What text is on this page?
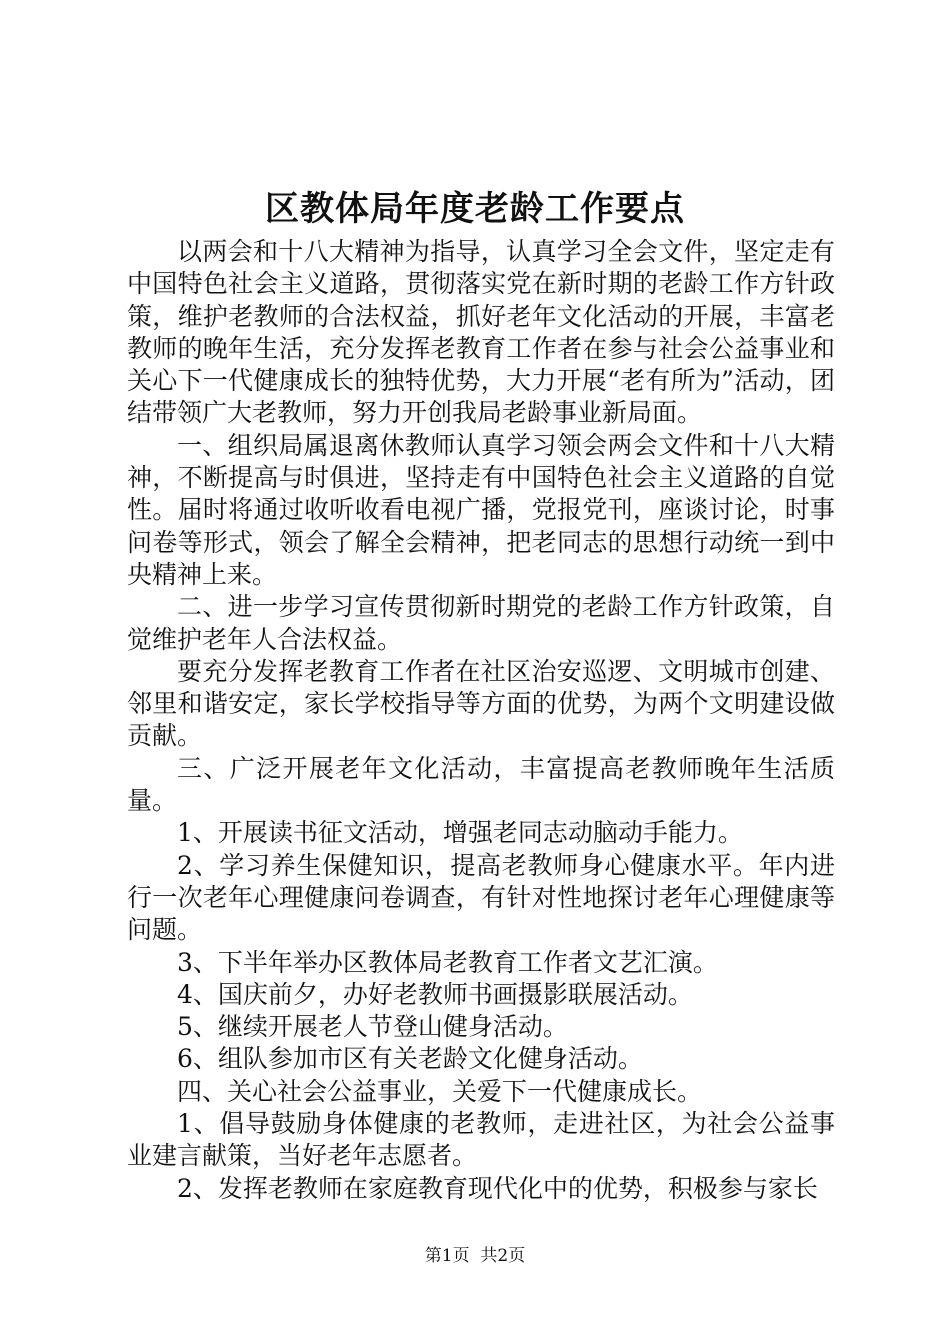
区教体局年度老龄工作要点

以两会和十八大精神为指导，认真学习全会文件，坚定走有中国特色社会主义道路，贯彻落实党在新时期的老龄工作方针政策，维护老教师的合法权益，抓好老年文化活动的开展，丰富老教师的晚年生活，充分发挥老教育工作者在参与社会公益事业和关心下一代健康成长的独特优势，大力开展“老有所为”活动，团结带领广大老教师，努力开创我局老龄事业新局面。

一、组织局属退离休教师认真学习领会两会文件和十八大精神，不断提高与时俱进，坚持走有中国特色社会主义道路的自觉性。届时将通过收听收看电视广播，党报党刊，座谈讨论，时事问卷等形式，领会了解全会精神，把老同志的思想行动统一到中央精神上来。

二、进一步学习宣传贯彻新时期党的老龄工作方针政策，自觉维护老年人合法权益。

要充分发挥老教育工作者在社区治安巡逻、文明城市创建、邻里和谐安定，家长学校指导等方面的优势，为两个文明建设做贡献。

三、广泛开展老年文化活动，丰富提高老教师晚年生活质量。

1、开展读书征文活动，增强老同志动脑动手能力。

2、学习养生保健知识，提高老教师身心健康水平。年内进行一次老年心理健康问卷调查，有针对性地探讨老年心理健康等问题。

3、下半年举办区教体局老教育工作者文艺汇演。

4、国庆前夕，办好老教师书画摄影联展活动。

5、继续开展老人节登山健身活动。

6、组队参加市区有关老龄文化健身活动。

四、关心社会公益事业，关爱下一代健康成长。

1、倡导鼓励身体健康的老教师，走进社区，为社会公益事业建言献策，当好老年志愿者。

2、发挥老教师在家庭教育现代化中的优势，积极参与家长

第1页 共2页
